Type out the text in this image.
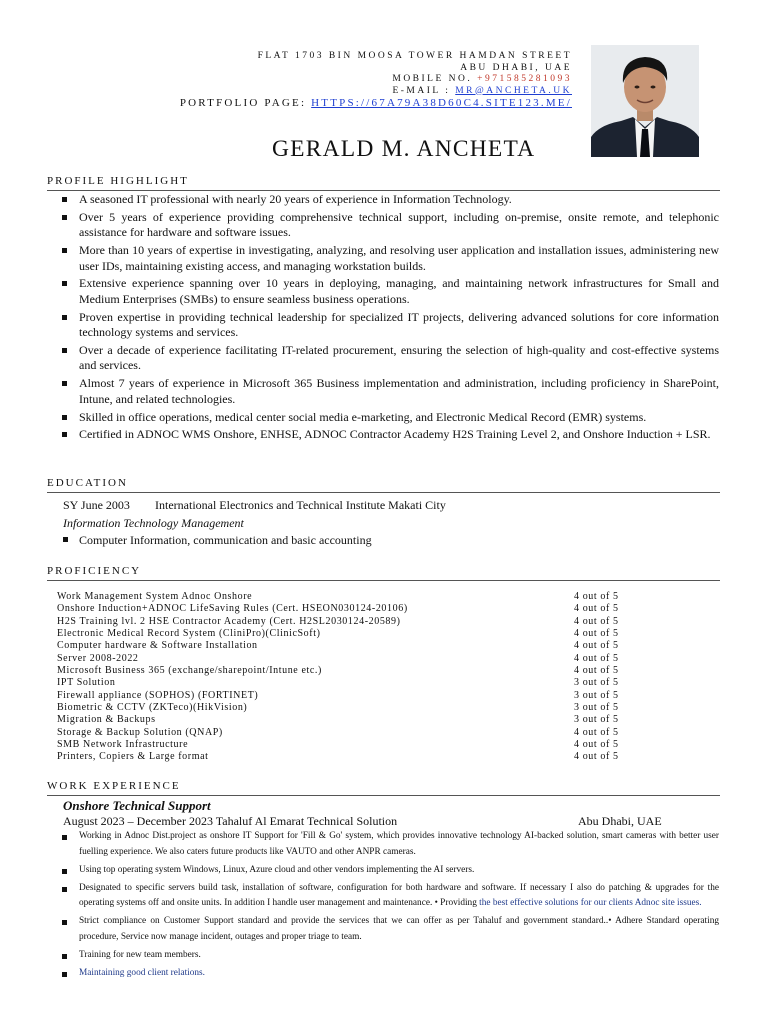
FLAT 1703 BIN MOOSA TOWER HAMDAN STREET
ABU DHABI, UAE
MOBILE NO. +971585281093
E-MAIL : MR@ANCHETA.UK
PORTFOLIO PAGE: HTTPS://67A79A38D60C4.SITE123.ME/
GERALD M. ANCHETA
PROFILE HIGHLIGHT
A seasoned IT professional with nearly 20 years of experience in Information Technology.
Over 5 years of experience providing comprehensive technical support, including on-premise, onsite remote, and telephonic assistance for hardware and software issues.
More than 10 years of expertise in investigating, analyzing, and resolving user application and installation issues, administering new user IDs, maintaining existing access, and managing workstation builds.
Extensive experience spanning over 10 years in deploying, managing, and maintaining network infrastructures for Small and Medium Enterprises (SMBs) to ensure seamless business operations.
Proven expertise in providing technical leadership for specialized IT projects, delivering advanced solutions for core information technology systems and services.
Over a decade of experience facilitating IT-related procurement, ensuring the selection of high-quality and cost-effective systems and services.
Almost 7 years of experience in Microsoft 365 Business implementation and administration, including proficiency in SharePoint, Intune, and related technologies.
Skilled in office operations, medical center social media e-marketing, and Electronic Medical Record (EMR) systems.
Certified in ADNOC WMS Onshore, ENHSE, ADNOC Contractor Academy H2S Training Level 2, and Onshore Induction + LSR.
EDUCATION
SY June 2003 International Electronics and Technical Institute Makati City
Information Technology Management
Computer Information, communication and basic accounting
PROFICIENCY
Work Management System Adnoc Onshore	4 out of 5
Onshore Induction+ADNOC LifeSaving Rules (Cert. HSEON030124-20106)	4 out of 5
H2S Training lvl. 2 HSE Contractor Academy (Cert. H2SL2030124-20589)	4 out of 5
Electronic Medical Record System (CliniPro)(ClinicSoft)	4 out of 5
Computer hardware & Software Installation	4 out of 5
Server 2008-2022	4 out of 5
Microsoft Business 365 (exchange/sharepoint/Intune etc.)	4 out of 5
IPT Solution	3 out of 5
Firewall appliance (SOPHOS) (FORTINET)	3 out of 5
Biometric & CCTV (ZKTeco)(HikVision)	3 out of 5
Migration & Backups	3 out of 5
Storage & Backup Solution (QNAP)	4 out of 5
SMB Network Infrastructure	4 out of 5
Printers, Copiers & Large format	4 out of 5
WORK EXPERIENCE
Onshore Technical Support
August 2023 – December 2023 Tahaluf Al Emarat Technical Solution	Abu Dhabi, UAE
Working in Adnoc Dist.project as onshore IT Support for 'Fill & Go' system, which provides innovative technology AI-backed solution, smart cameras with better user fuelling experience. We also caters future products like VAUTO and other ANPR cameras.
Using top operating system Windows, Linux, Azure cloud and other vendors implementing the AI servers.
Designated to specific servers build task, installation of software, configuration for both hardware and software. If necessary I also do patching & upgrades for the operating systems off and onsite units. In addition I handle user management and maintenance. • Providing the best effective solutions for our clients Adnoc site issues.
Strict compliance on Customer Support standard and provide the services that we can offer as per Tahaluf and government standard..• Adhere Standard operating procedure, Service now manage incident, outages and proper triage to team.
Training for new team members.
Maintaining good client relations.
